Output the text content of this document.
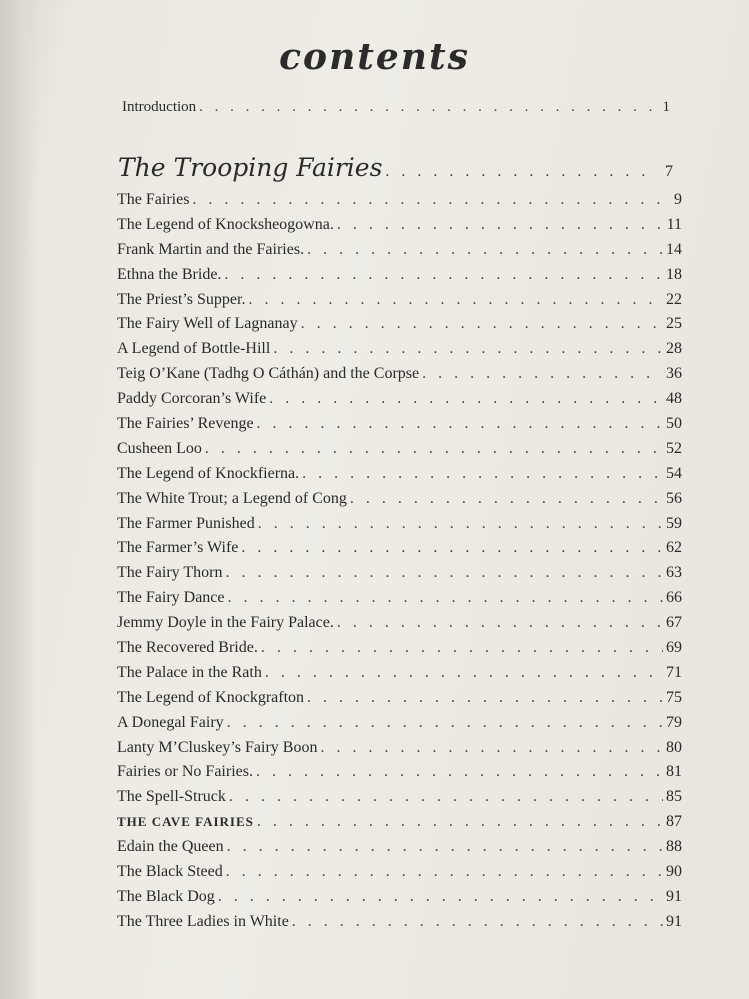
contents
Introduction . . .	1
The Trooping Fairies . . .	7
The Fairies . . .	9
The Legend of Knocksheogowna. . . .	11
Frank Martin and the Fairies. . . .	14
Ethna the Bride. . . .	18
The Priest’s Supper. . . .	22
The Fairy Well of Lagnanay . . .	25
A Legend of Bottle-Hill . . .	28
Teig O’Kane (Tadhg O Cáthán) and the Corpse . . .	36
Paddy Corcoran’s Wife . . .	48
The Fairies’ Revenge . . .	50
Cusheen Loo . . .	52
The Legend of Knockfierna. . . .	54
The White Trout; a Legend of Cong . . .	56
The Farmer Punished . . .	59
The Farmer’s Wife . . .	62
The Fairy Thorn . . .	63
The Fairy Dance . . .	66
Jemmy Doyle in the Fairy Palace. . . .	67
The Recovered Bride. . . .	69
The Palace in the Rath . . .	71
The Legend of Knockgrafton . . .	75
A Donegal Fairy . . .	79
Lanty M’Cluskey’s Fairy Boon . . .	80
Fairies or No Fairies. . . .	81
The Spell-Struck . . .	85
THE CAVE FAIRIES . . .	87
Edain the Queen . . .	88
The Black Steed . . .	90
The Black Dog . . .	91
The Three Ladies in White . . .	91
